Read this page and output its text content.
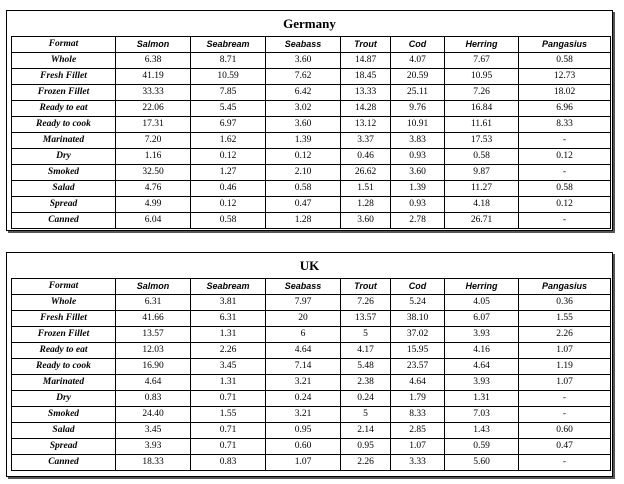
Germany
Format	Salmon	Seabream	Seabass	Trout	Cod	Herring	Pangasius
Whole	6.38	8.71	3.60	14.87	4.07	7.67	0.58
Fresh Fillet	41.19	10.59	7.62	18.45	20.59	10.95	12.73
Frozen Fillet	33.33	7.85	6.42	13.33	25.11	7.26	18.02
Ready to eat	22.06	5.45	3.02	14.28	9.76	16.84	6.96
Ready to cook	17.31	6.97	3.60	13.12	10.91	11.61	8.33
Marinated	7.20	1.62	1.39	3.37	3.83	17.53	-
Dry	1.16	0.12	0.12	0.46	0.93	0.58	0.12
Smoked	32.50	1.27	2.10	26.62	3.60	9.87	-
Salad	4.76	0.46	0.58	1.51	1.39	11.27	0.58
Spread	4.99	0.12	0.47	1.28	0.93	4.18	0.12
Canned	6.04	0.58	1.28	3.60	2.78	26.71	-
UK
Format	Salmon	Seabream	Seabass	Trout	Cod	Herring	Pangasius
Whole	6.31	3.81	7.97	7.26	5.24	4.05	0.36
Fresh Fillet	41.66	6.31	20	13.57	38.10	6.07	1.55
Frozen Fillet	13.57	1.31	6	5	37.02	3.93	2.26
Ready to eat	12.03	2.26	4.64	4.17	15.95	4.16	1.07
Ready to cook	16.90	3.45	7.14	5.48	23.57	4.64	1.19
Marinated	4.64	1.31	3.21	2.38	4.64	3.93	1.07
Dry	0.83	0.71	0.24	0.24	1.79	1.31	-
Smoked	24.40	1.55	3.21	5	8.33	7.03	-
Salad	3.45	0.71	0.95	2.14	2.85	1.43	0.60
Spread	3.93	0.71	0.60	0.95	1.07	0.59	0.47
Canned	18.33	0.83	1.07	2.26	3.33	5.60	-
